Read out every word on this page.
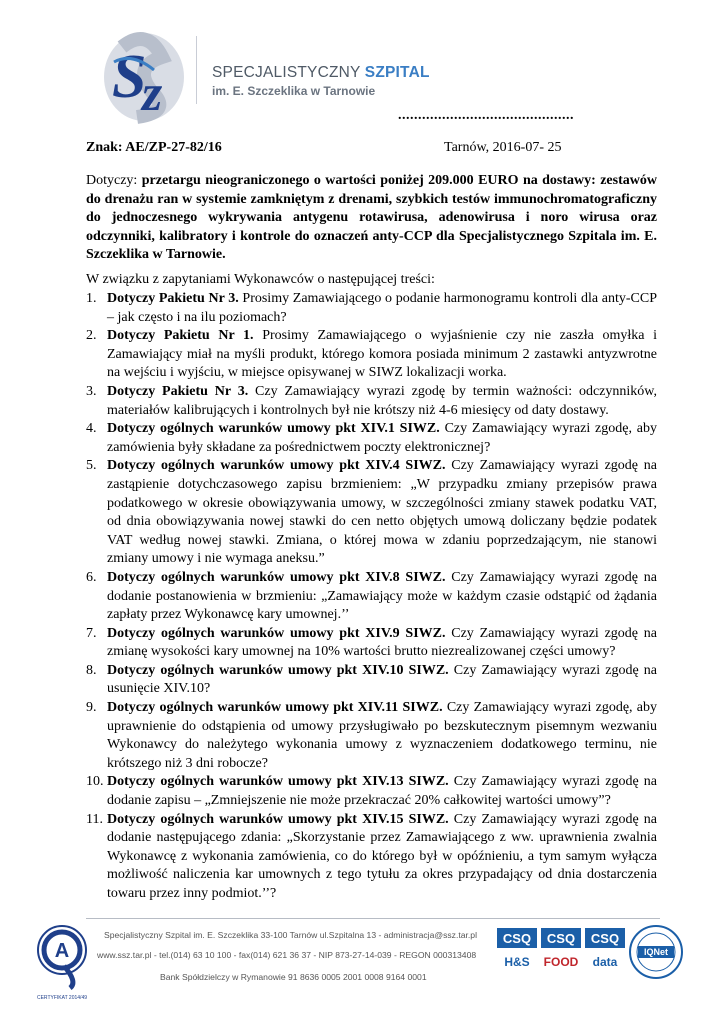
S
z	SPECJALISTYCZNY SZPITAL
im. E. Szczeklika w Tarnowie
............................................
Znak: AE/ZP-27-82/16	Tarnów, 2016-07- 25
Dotyczy: przetargu nieograniczonego o wartości poniżej 209.000 EURO na dostawy: zestawów do drenażu ran w systemie zamkniętym z drenami, szybkich testów immunochromatograficzny do jednoczesnego wykrywania antygenu rotawirusa, adenowirusa i noro wirusa oraz odczynniki, kalibratory i kontrole do oznaczeń anty-CCP dla Specjalistycznego Szpitala im. E. Szczeklika w Tarnowie.
W związku z zapytaniami Wykonawców o następującej treści:
1. Dotyczy Pakietu Nr 3. Prosimy Zamawiającego o podanie harmonogramu kontroli dla anty-CCP – jak często i na ilu poziomach?
2. Dotyczy Pakietu Nr 1. Prosimy Zamawiającego o wyjaśnienie czy nie zaszła omyłka i Zamawiający miał na myśli produkt, którego komora posiada minimum 2 zastawki antyzwrotne na wejściu i wyjściu, w miejsce opisywanej w SIWZ lokalizacji worka.
3. Dotyczy Pakietu Nr 3. Czy Zamawiający wyrazi zgodę by termin ważności: odczynników, materiałów kalibrujących i kontrolnych był nie krótszy niż 4-6 miesięcy od daty dostawy.
4. Dotyczy ogólnych warunków umowy pkt XIV.1 SIWZ. Czy Zamawiający wyrazi zgodę, aby zamówienia były składane za pośrednictwem poczty elektronicznej?
5. Dotyczy ogólnych warunków umowy pkt XIV.4 SIWZ. Czy Zamawiający wyrazi zgodę na zastąpienie dotychczasowego zapisu brzmieniem: „W przypadku zmiany przepisów prawa podatkowego w okresie obowiązywania umowy, w szczególności zmiany stawek podatku VAT, od dnia obowiązywania nowej stawki do cen netto objętych umową doliczany będzie podatek VAT według nowej stawki. Zmiana, o której mowa w zdaniu poprzedzającym, nie stanowi zmiany umowy i nie wymaga aneksu.”
6. Dotyczy ogólnych warunków umowy pkt XIV.8 SIWZ. Czy Zamawiający wyrazi zgodę na dodanie postanowienia w brzmieniu: „Zamawiający może w każdym czasie odstąpić od żądania zapłaty przez Wykonawcę kary umownej.’’
7. Dotyczy ogólnych warunków umowy pkt XIV.9 SIWZ. Czy Zamawiający wyrazi zgodę na zmianę wysokości kary umownej na 10% wartości brutto niezrealizowanej części umowy?
8. Dotyczy ogólnych warunków umowy pkt XIV.10 SIWZ. Czy Zamawiający wyrazi zgodę na usunięcie XIV.10?
9. Dotyczy ogólnych warunków umowy pkt XIV.11 SIWZ. Czy Zamawiający wyrazi zgodę, aby uprawnienie do odstąpienia od umowy przysługiwało po bezskutecznym pisemnym wezwaniu Wykonawcy do należytego wykonania umowy z wyznaczeniem dodatkowego terminu, nie krótszego niż 3 dni robocze?
10. Dotyczy ogólnych warunków umowy pkt XIV.13 SIWZ. Czy Zamawiający wyrazi zgodę na dodanie zapisu – „Zmniejszenie nie może przekraczać 20% całkowitej wartości umowy”?
11. Dotyczy ogólnych warunków umowy pkt XIV.15 SIWZ. Czy Zamawiający wyrazi zgodę na dodanie następującego zdania: „Skorzystanie przez Zamawiającego z ww. uprawnienia zwalnia Wykonawcę z wykonania zamówienia, co do którego był w opóźnieniu, a tym samym wyłącza możliwość naliczenia kar umownych z tego tytułu za okres przypadający od dnia dostarczenia towaru przez inny podmiot.’’?
A
CERTYFIKAT 2014/49
Specjalistyczny Szpital im. E. Szczeklika 33-100 Tarnów ul.Szpitalna 13 - administracja@ssz.tar.pl
www.ssz.tar.pl - tel.(014) 63 10 100 - fax(014) 621 36 37 - NIP 873-27-14-039 - REGON 000313408
Bank Spółdzielczy w Rymanowie 91 8636 0005 2001 0008 9164 0001
CSQ CSQ CSQ
H&S FOOD data
IQNet
